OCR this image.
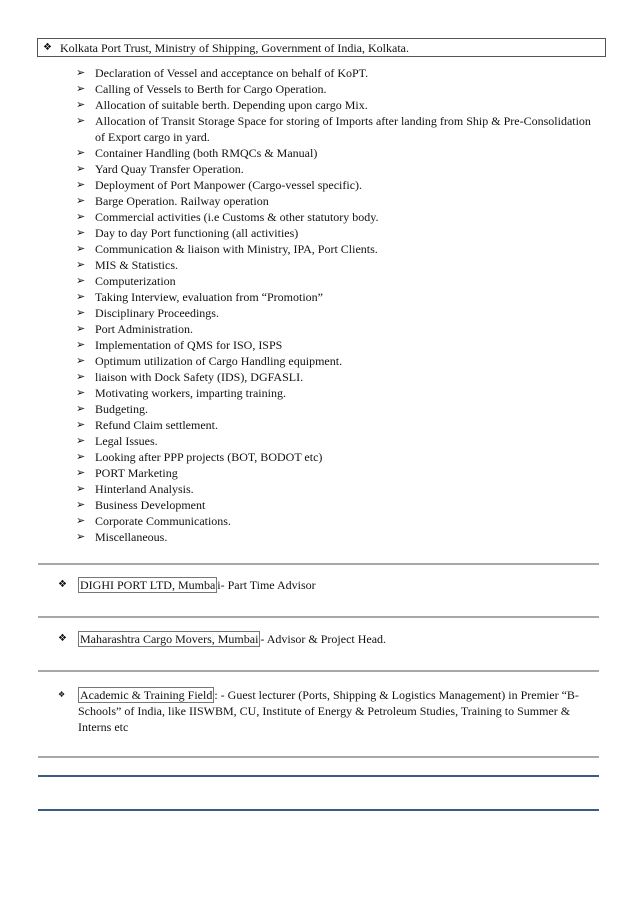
❖ Kolkata Port Trust, Ministry of Shipping, Government of India, Kolkata.
➢ Declaration of Vessel and acceptance on behalf of KoPT.
➢ Calling of Vessels to Berth for Cargo Operation.
➢ Allocation of suitable berth. Depending upon cargo Mix.
➢ Allocation of Transit Storage Space for storing of Imports after landing from Ship & Pre-Consolidation of Export cargo in yard.
➢ Container Handling (both RMQCs & Manual)
➢ Yard Quay Transfer Operation.
➢ Deployment of Port Manpower (Cargo-vessel specific).
➢ Barge Operation. Railway operation
➢ Commercial activities (i.e Customs & other statutory body.
➢ Day to day Port functioning (all activities)
➢ Communication & liaison with Ministry, IPA, Port Clients.
➢ MIS & Statistics.
➢ Computerization
➢ Taking Interview, evaluation from “Promotion”
➢ Disciplinary Proceedings.
➢ Port Administration.
➢ Implementation of QMS for ISO, ISPS
➢ Optimum utilization of Cargo Handling equipment.
➢ liaison with Dock Safety (IDS), DGFASLI.
➢ Motivating workers, imparting training.
➢ Budgeting.
➢ Refund Claim settlement.
➢ Legal Issues.
➢ Looking after PPP projects (BOT, BODOT etc)
➢ PORT Marketing
➢ Hinterland Analysis.
➢ Business Development
➢ Corporate Communications.
➢ Miscellaneous.
❖ DIGHI PORT LTD, Mumba i- Part Time Advisor
❖ Maharashtra Cargo Movers, Mumbai - Advisor & Project Head.
❖ Academic & Training Field : - Guest lecturer (Ports, Shipping & Logistics Management) in Premier “B-Schools” of India, like IISWBM, CU, Institute of Energy & Petroleum Studies, Training to Summer & Interns etc
